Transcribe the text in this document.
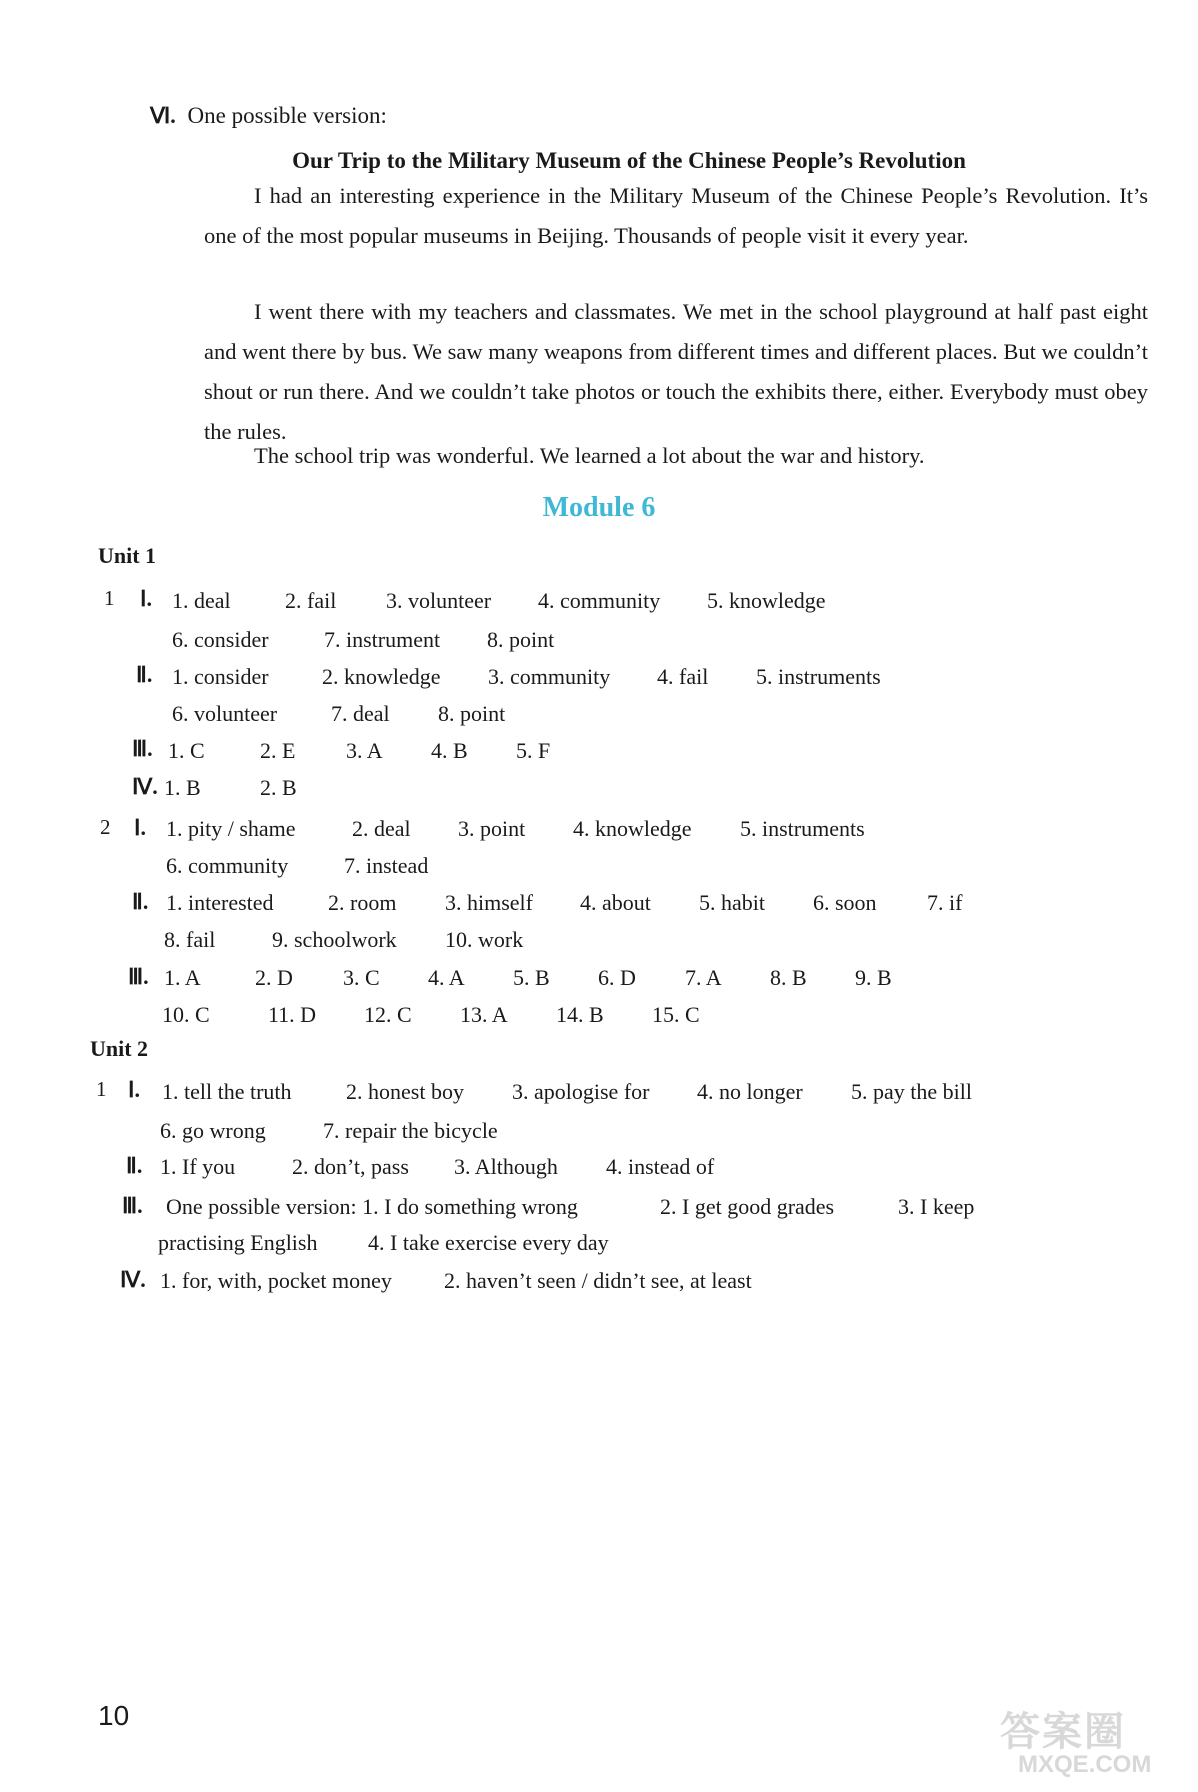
Ⅵ. One possible version:
Our Trip to the Military Museum of the Chinese People’s Revolution
I had an interesting experience in the Military Museum of the Chinese People’s Revolution. It’s one of the most popular museums in Beijing. Thousands of people visit it every year.
I went there with my teachers and classmates. We met in the school playground at half past eight and went there by bus. We saw many weapons from different times and different places. But we couldn’t shout or run there. And we couldn’t take photos or touch the exhibits there, either. Everybody must obey the rules.
The school trip was wonderful. We learned a lot about the war and history.
Module 6
Unit 1
1 Ⅰ. 1. deal 2. fail 3. volunteer 4. community 5. knowledge
6. consider	7. instrument 8. point
Ⅱ. 1. consider 2. knowledge 3. community 4. fail 5. instruments
6. volunteer 7. deal 8. point
Ⅲ. 1. C	2. E 3. A 4. B 5. F
Ⅳ. 1. B	2. B
2 Ⅰ. 1. pity / shame	2. deal 3. point 4. knowledge 5. instruments
6. community	7. instead
Ⅱ. 1. interested 2. room 3. himself 4. about 5. habit 6. soon 7. if
8. fail	9. schoolwork 10. work
Ⅲ. 1. A 2. D 3. C 4. A 5. B 6. D 7. A 8. B 9. B
10. C	11. D 12. C 13. A 14. B 15. C
Unit 2
1 Ⅰ. 1. tell the truth 2. honest boy 3. apologise for 4. no longer 5. pay the bill
6. go wrong	7. repair the bicycle
Ⅱ. 1. If you	2. don’t, pass 3. Although 4. instead of
Ⅲ. One possible version: 1. I do something wrong	2. I get good grades	3. I keep
practising English 4. I take exercise every day
Ⅳ. 1. for, with, pocket money 2. haven’t seen / didn’t see, at least
10	答案圈
MXQE.COM
